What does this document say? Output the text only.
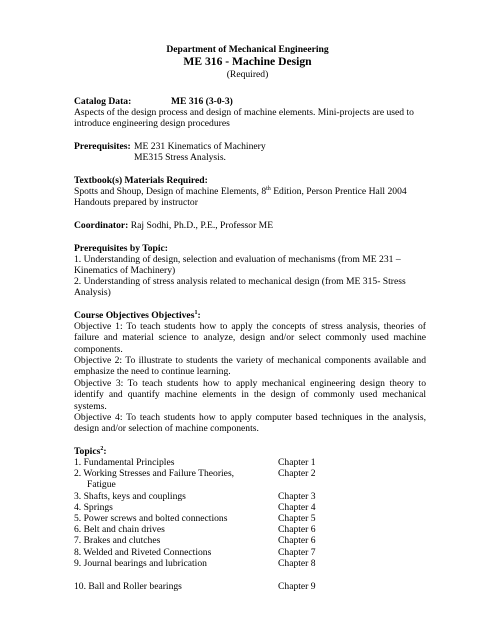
Department of Mechanical Engineering
ME 316 - Machine Design
(Required)
Catalog Data:	ME 316 (3-0-3)
Aspects of the design process and design of machine elements. Mini-projects are used to
introduce engineering design procedures
Prerequisites: ME 231 Kinematics of Machinery
ME315 Stress Analysis.
Textbook(s) Materials Required:
Spotts and Shoup, Design of machine Elements, 8th Edition, Person Prentice Hall 2004
Handouts prepared by instructor
Coordinator: Raj Sodhi, Ph.D., P.E., Professor ME
Prerequisites by Topic:
1. Understanding of design, selection and evaluation of mechanisms (from ME 231 –
Kinematics of Machinery)
2. Understanding of stress analysis related to mechanical design (from ME 315- Stress
Analysis)
Course Objectives Objectives$^1$:
Objective 1: To teach students how to apply the concepts of stress analysis, theories of failure and material science to analyze, design and/or select commonly used machine components.
Objective 2: To illustrate to students the variety of mechanical components available and emphasize the need to continue learning.
Objective 3: To teach students how to apply mechanical engineering design theory to identify and quantify machine elements in the design of commonly used mechanical systems.
Objective 4: To teach students how to apply computer based techniques in the analysis, design and/or selection of machine components.
Topics$^2$:
1. Fundamental Principles	Chapter 1
2. Working Stresses and Failure Theories,	Chapter 2
Fatigue
3. Shafts, keys and couplings	Chapter 3
4. Springs	Chapter 4
5. Power screws and bolted connections	Chapter 5
6. Belt and chain drives	Chapter 6
7. Brakes and clutches	Chapter 6
8. Welded and Riveted Connections	Chapter 7
9. Journal bearings and lubrication	Chapter 8
10. Ball and Roller bearings	Chapter 9
